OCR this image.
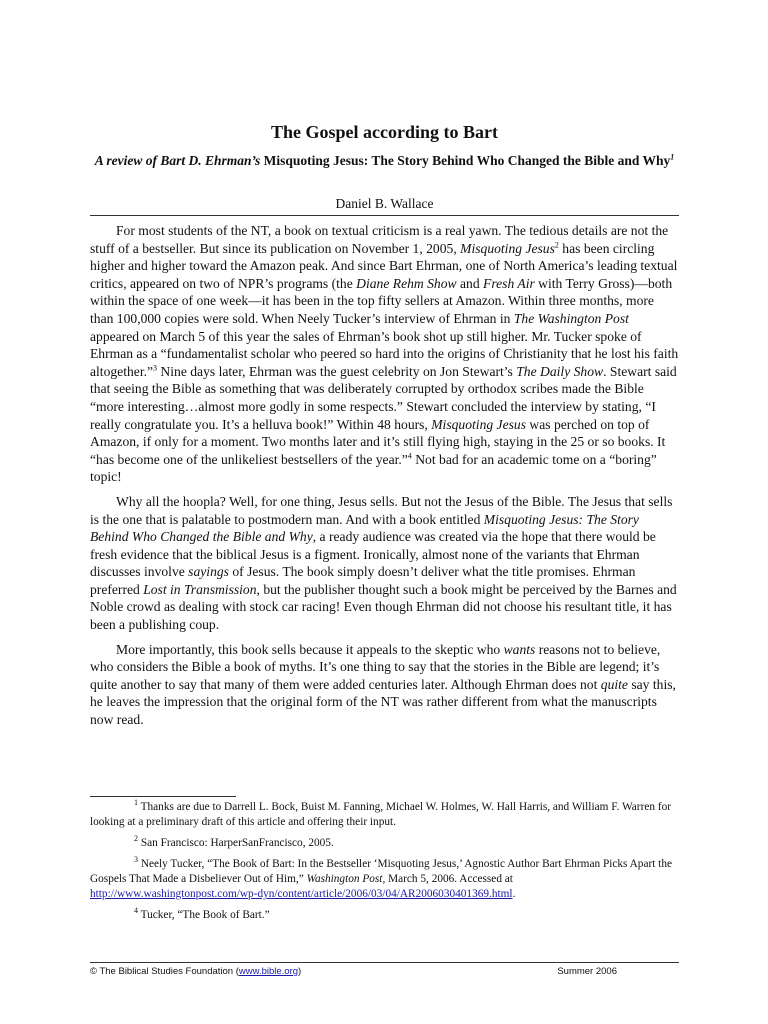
The Gospel according to Bart
A review of Bart D. Ehrman’s Misquoting Jesus: The Story Behind Who Changed the Bible and Why$^1$
Daniel B. Wallace

For most students of the NT, a book on textual criticism is a real yawn. The tedious details are not the stuff of a bestseller. But since its publication on November 1, 2005, Misquoting Jesus$^2$ has been circling higher and higher toward the Amazon peak. And since Bart Ehrman, one of North America’s leading textual critics, appeared on two of NPR’s programs (the Diane Rehm Show and Fresh Air with Terry Gross)—both within the space of one week—it has been in the top fifty sellers at Amazon. Within three months, more than 100,000 copies were sold. When Neely Tucker’s interview of Ehrman in The Washington Post appeared on March 5 of this year the sales of Ehrman’s book shot up still higher. Mr. Tucker spoke of Ehrman as a “fundamentalist scholar who peered so hard into the origins of Christianity that he lost his faith altogether.”$^3$ Nine days later, Ehrman was the guest celebrity on Jon Stewart’s The Daily Show. Stewart said that seeing the Bible as something that was deliberately corrupted by orthodox scribes made the Bible “more interesting…almost more godly in some respects.” Stewart concluded the interview by stating, “I really congratulate you. It’s a helluva book!” Within 48 hours, Misquoting Jesus was perched on top of Amazon, if only for a moment. Two months later and it’s still flying high, staying in the 25 or so books. It “has become one of the unlikeliest bestsellers of the year.”$^4$ Not bad for an academic tome on a “boring” topic!

Why all the hoopla? Well, for one thing, Jesus sells. But not the Jesus of the Bible. The Jesus that sells is the one that is palatable to postmodern man. And with a book entitled Misquoting Jesus: The Story Behind Who Changed the Bible and Why, a ready audience was created via the hope that there would be fresh evidence that the biblical Jesus is a figment. Ironically, almost none of the variants that Ehrman discusses involve sayings of Jesus. The book simply doesn’t deliver what the title promises. Ehrman preferred Lost in Transmission, but the publisher thought such a book might be perceived by the Barnes and Noble crowd as dealing with stock car racing! Even though Ehrman did not choose his resultant title, it has been a publishing coup.

More importantly, this book sells because it appeals to the skeptic who wants reasons not to believe, who considers the Bible a book of myths. It’s one thing to say that the stories in the Bible are legend; it’s quite another to say that many of them were added centuries later. Although Ehrman does not quite say this, he leaves the impression that the original form of the NT was rather different from what the manuscripts now read.

$^1$ Thanks are due to Darrell L. Bock, Buist M. Fanning, Michael W. Holmes, W. Hall Harris, and William F. Warren for looking at a preliminary draft of this article and offering their input.

$^2$ San Francisco: HarperSanFrancisco, 2005.

$^3$ Neely Tucker, “The Book of Bart: In the Bestseller ‘Misquoting Jesus,’ Agnostic Author Bart Ehrman Picks Apart the Gospels That Made a Disbeliever Out of Him,” Washington Post, March 5, 2006. Accessed at http://www.washingtonpost.com/wp-dyn/content/article/2006/03/04/AR2006030401369.html.

$^4$ Tucker, “The Book of Bart.”

© The Biblical Studies Foundation (www.bible.org)	Summer 2006
